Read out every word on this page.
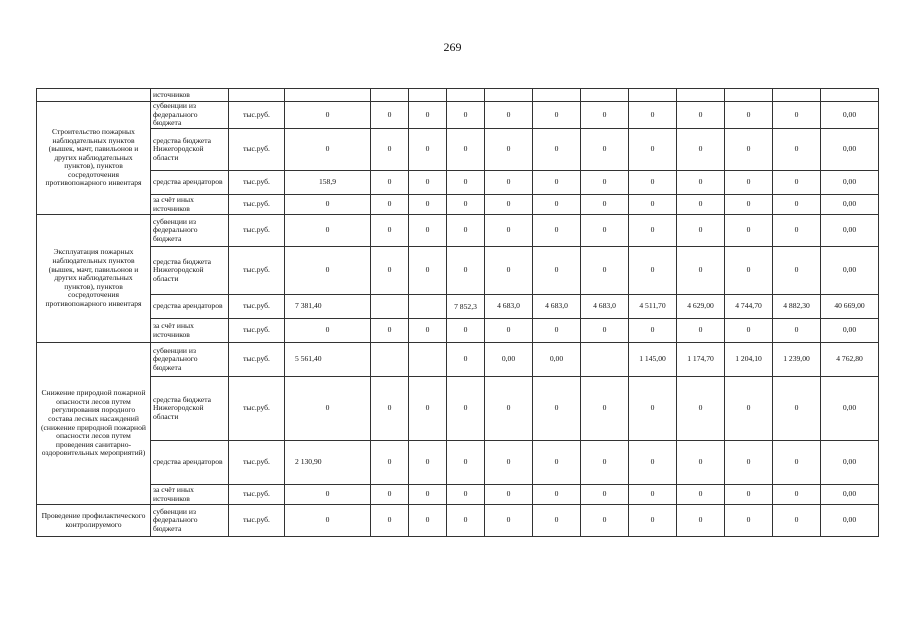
269
	источников													
Строительство пожарных наблюдательных пунктов (вышек, мачт, павильонов и других наблюдательных пунктов), пунктов сосредоточения противопожарного инвентаря	субвенции из федерального бюджета	тыс.руб.	0	0	0	0	0	0	0	0	0	0	0	0,00
	средства бюджета Нижегородской области	тыс.руб.	0	0	0	0	0	0	0	0	0	0	0	0,00
	средства арендаторов	тыс.руб.	158,9	0	0	0	0	0	0	0	0	0	0	0,00
	за счёт иных источников	тыс.руб.	0	0	0	0	0	0	0	0	0	0	0	0,00
Эксплуатация пожарных наблюдательных пунктов (вышек, мачт, павильонов и других наблюдательных пунктов), пунктов сосредоточения противопожарного инвентаря	субвенции из федерального бюджета	тыс.руб.	0	0	0	0	0	0	0	0	0	0	0	0,00
	средства бюджета Нижегородской области	тыс.руб.	0	0	0	0	0	0	0	0	0	0	0	0,00
	средства арендаторов	тыс.руб.	7 381,40			7 852,3	4 683,0	4 683,0	4 683,0	4 511,70	4 629,00	4 744,70	4 882,30	40 669,00
	за счёт иных источников	тыс.руб.	0	0	0	0	0	0	0	0	0	0	0	0,00
Снижение природной пожарной опасности лесов путем регулирования породного состава лесных насаждений (снижение природной пожарной опасности лесов путем проведения санитарно-оздоровительных мероприятий)	субвенции из федерального бюджета	тыс.руб.	5 561,40			0	0,00	0,00		1 145,00	1 174,70	1 204,10	1 239,00	4 762,80
	средства бюджета Нижегородской области	тыс.руб.	0	0	0	0	0	0	0	0	0	0	0	0,00
	средства арендаторов	тыс.руб.	2 130,90	0	0	0	0	0	0	0	0	0	0	0,00
	за счёт иных источников	тыс.руб.	0	0	0	0	0	0	0	0	0	0	0	0,00
Проведение профилактического контролируемого	субвенции из федерального бюджета	тыс.руб.	0	0	0	0	0	0	0	0	0	0	0	0,00
